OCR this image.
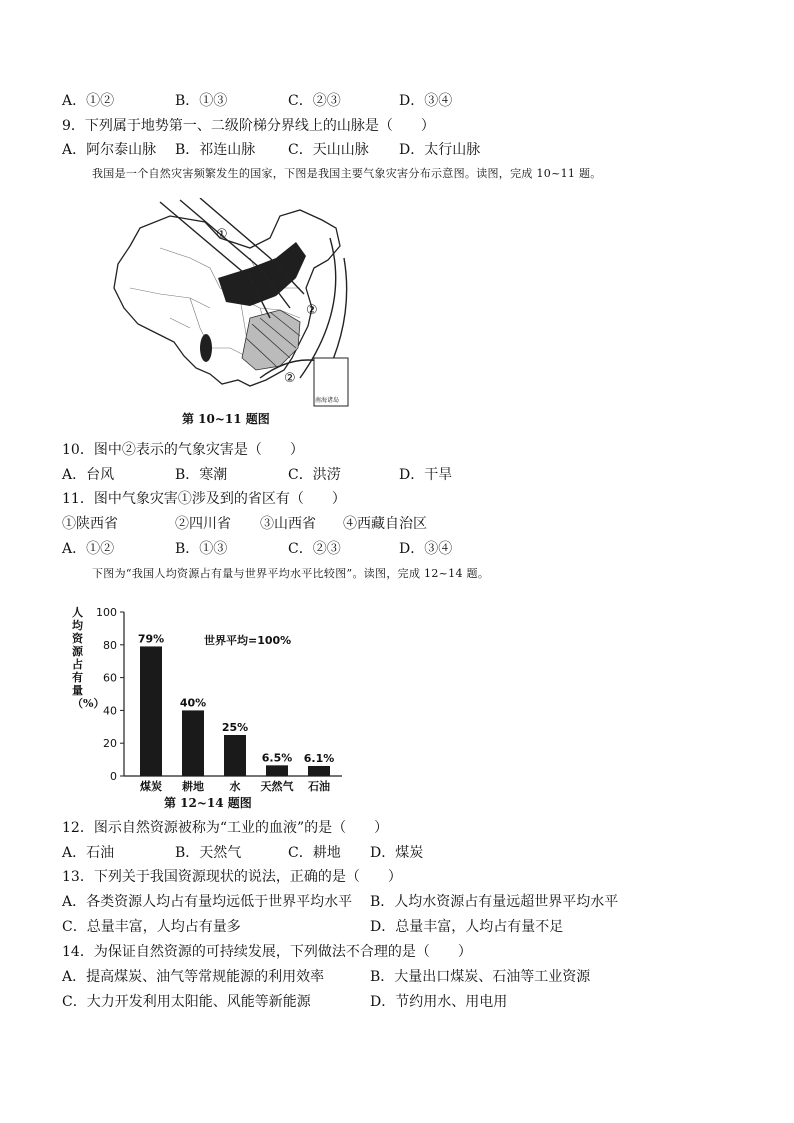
A．①②	B．①③	C．②③	D．③④
9．下列属于地势第一、二级阶梯分界线上的山脉是（　　）
A．阿尔泰山脉 B．祁连山脉 C．天山山脉 D．太行山脉
我国是一个自然灾害频繁发生的国家，下图是我国主要气象灾害分布示意图。读图，完成 10~11 题。
①
②
②
南海诸岛
第 10~11 题图
10．图中②表示的气象灾害是（　　）
A．台风	B．寒潮	C．洪涝	D．干旱
11．图中气象灾害①涉及到的省区有（　　）
①陕西省	②四川省 ③山西省 ④西藏自治区
A．①②	B．①③	C．②③	D．③④
下图为“我国人均资源占有量与世界平均水平比较图”。读图，完成 12~14 题。
人均资源占有量（%）
世界平均=100%
0
20
40
60
80
100
79%
煤炭
40%
耕地
25%
水
6.5%
天然气
6.1%
石油
第 12~14 题图
12．图示自然资源被称为“工业的血液”的是（　　）
A．石油	B．天然气	C．耕地 D．煤炭
13．下列关于我国资源现状的说法，正确的是（　　）
A．各类资源人均占有量均远低于世界平均水平 B．人均水资源占有量远超世界平均水平
C．总量丰富，人均占有量多	D．总量丰富，人均占有量不足
14．为保证自然资源的可持续发展，下列做法不合理的是（　　）
A．提高煤炭、油气等常规能源的利用效率	B．大量出口煤炭、石油等工业资源
C．大力开发利用太阳能、风能等新能源	D．节约用水、用电用
